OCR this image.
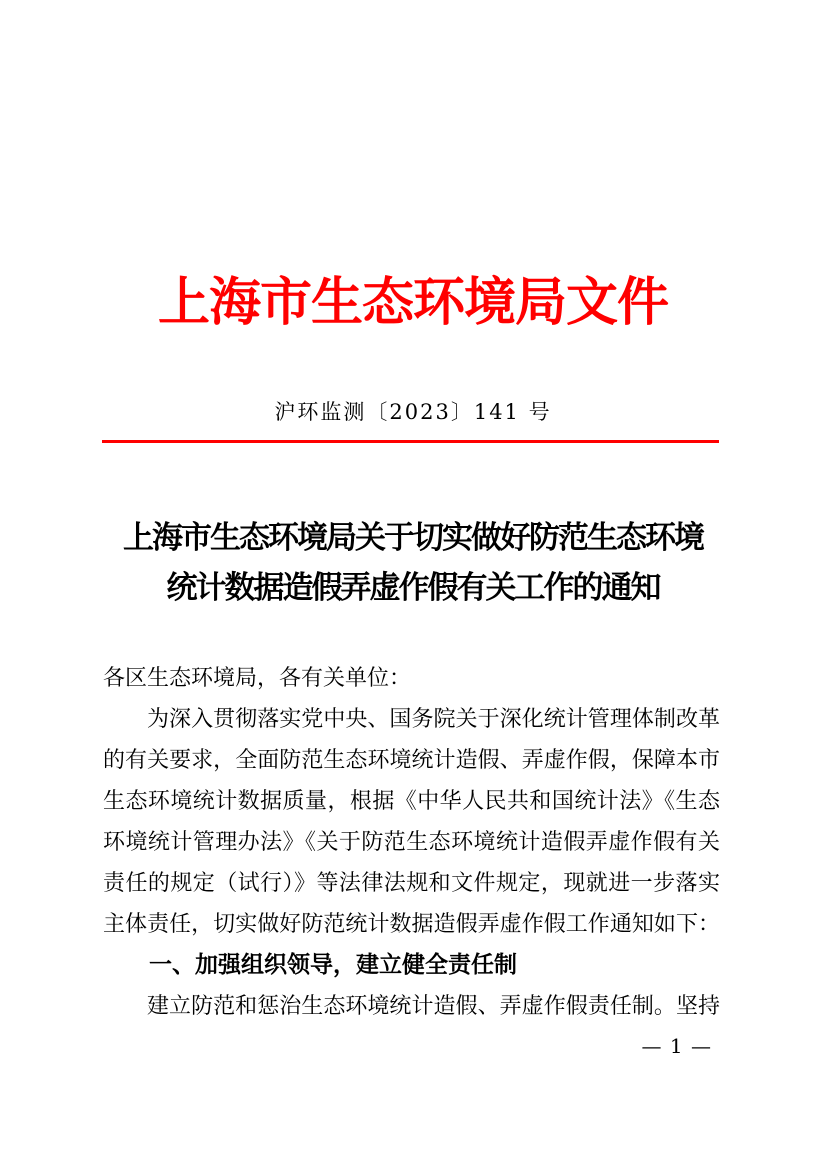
上海市生态环境局文件
沪环监测〔2023〕141 号
上海市生态环境局关于切实做好防范生态环境
统计数据造假弄虚作假有关工作的通知
各区生态环境局，各有关单位：
为深入贯彻落实党中央、国务院关于深化统计管理体制改革
的有关要求，全面防范生态环境统计造假、弄虚作假，保障本市
生态环境统计数据质量，根据《中华人民共和国统计法》《生态
环境统计管理办法》《关于防范生态环境统计造假弄虚作假有关
责任的规定（试行）》等法律法规和文件规定，现就进一步落实
主体责任，切实做好防范统计数据造假弄虚作假工作通知如下：
一、加强组织领导，建立健全责任制
建立防范和惩治生态环境统计造假、弄虚作假责任制。坚持
— 1 —
